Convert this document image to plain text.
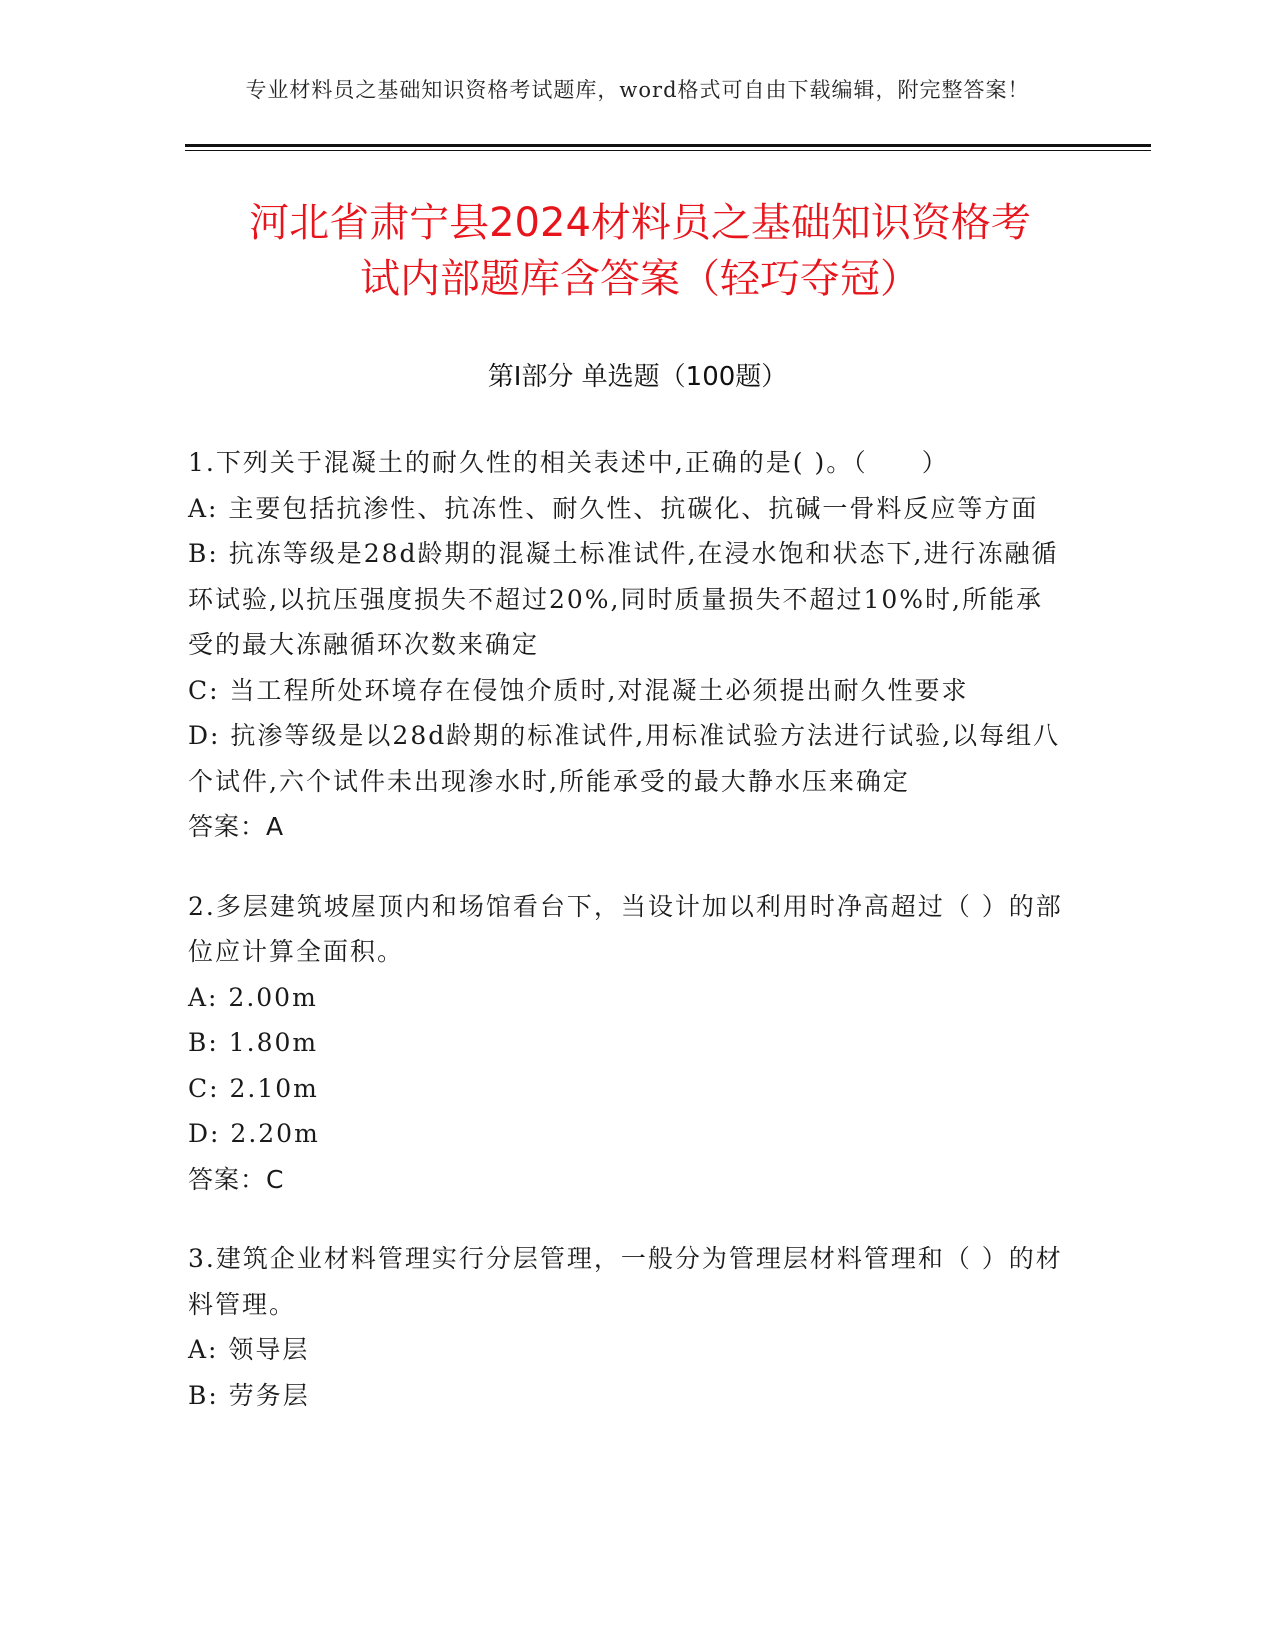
专业材料员之基础知识资格考试题库，word格式可自由下载编辑，附完整答案！
河北省肃宁县2024材料员之基础知识资格考
试内部题库含答案（轻巧夺冠）
第I部分 单选题（100题）
1.下列关于混凝土的耐久性的相关表述中,正确的是( )。（　　）
A: 主要包括抗渗性、抗冻性、耐久性、抗碳化、抗碱一骨料反应等方面
B: 抗冻等级是28d龄期的混凝土标准试件,在浸水饱和状态下,进行冻融循环试验,以抗压强度损失不超过20%,同时质量损失不超过10%时,所能承受的最大冻融循环次数来确定
C: 当工程所处环境存在侵蚀介质时,对混凝土必须提出耐久性要求
D: 抗渗等级是以28d龄期的标准试件,用标准试验方法进行试验,以每组八个试件,六个试件未出现渗水时,所能承受的最大静水压来确定
答案：A
2.多层建筑坡屋顶内和场馆看台下，当设计加以利用时净高超过（ ）的部位应计算全面积。
A: 2.00m
B: 1.80m
C: 2.10m
D: 2.20m
答案：C
3.建筑企业材料管理实行分层管理，一般分为管理层材料管理和（ ）的材料管理。
A: 领导层
B: 劳务层
